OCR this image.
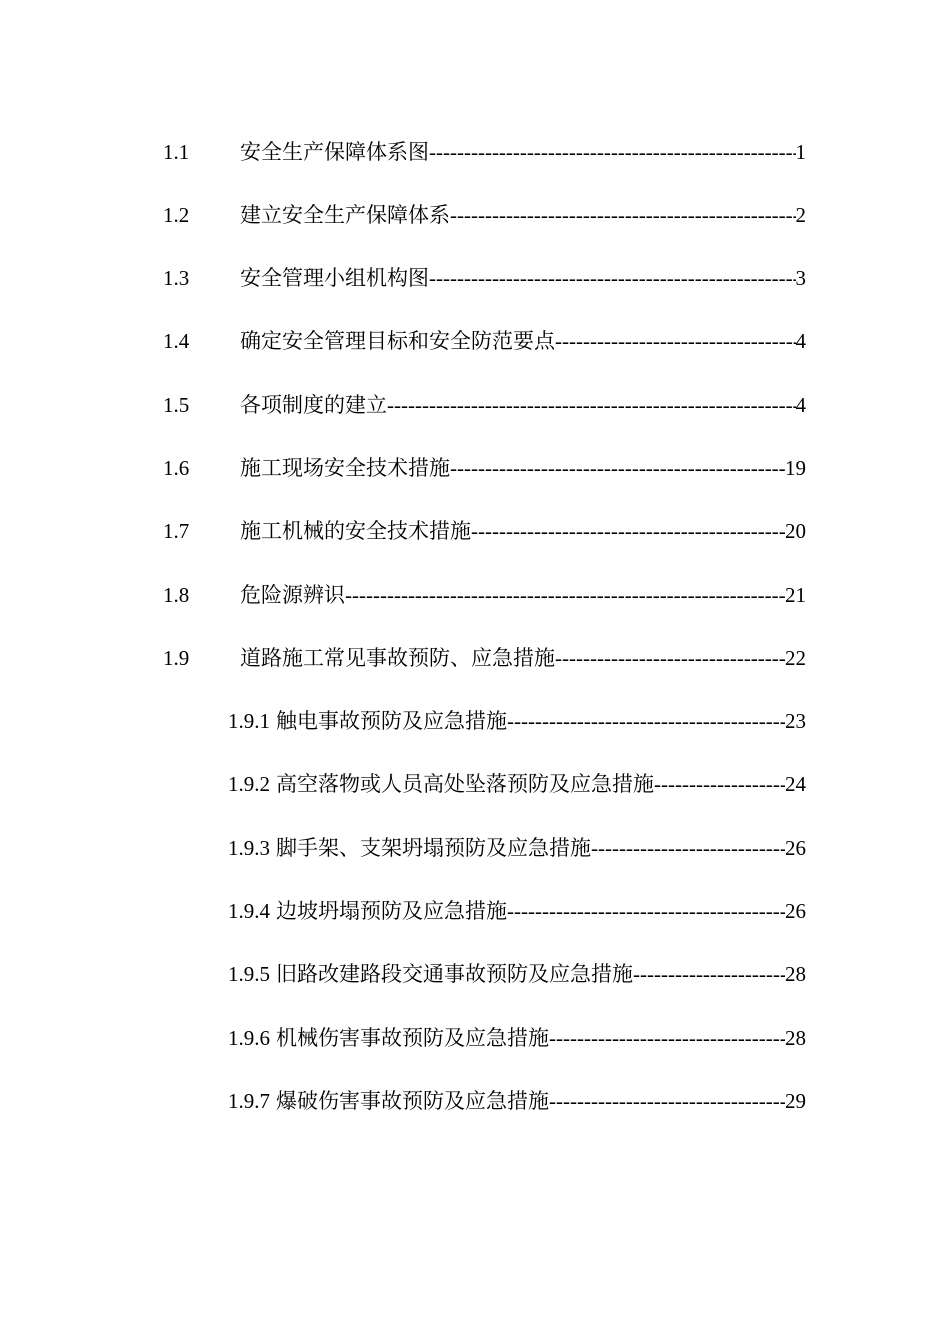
1.1	安全生产保障体系图 -----	1
1.2	建立安全生产保障体系 -----	2
1.3	安全管理小组机构图 -----	3
1.4	确定安全管理目标和安全防范要点 -----	4
1.5	各项制度的建立 -----	4
1.6	施工现场安全技术措施 -----	19
1.7	施工机械的安全技术措施 -----	20
1.8	危险源辨识 -----	21
1.9	道路施工常见事故预防、应急措施 -----	22
1.9.1 触电事故预防及应急措施 -----	23
1.9.2 高空落物或人员高处坠落预防及应急措施 -----	24
1.9.3 脚手架、支架坍塌预防及应急措施 -----	26
1.9.4 边坡坍塌预防及应急措施 -----	26
1.9.5 旧路改建路段交通事故预防及应急措施 -----	28
1.9.6 机械伤害事故预防及应急措施 -----	28
1.9.7 爆破伤害事故预防及应急措施 -----	29
